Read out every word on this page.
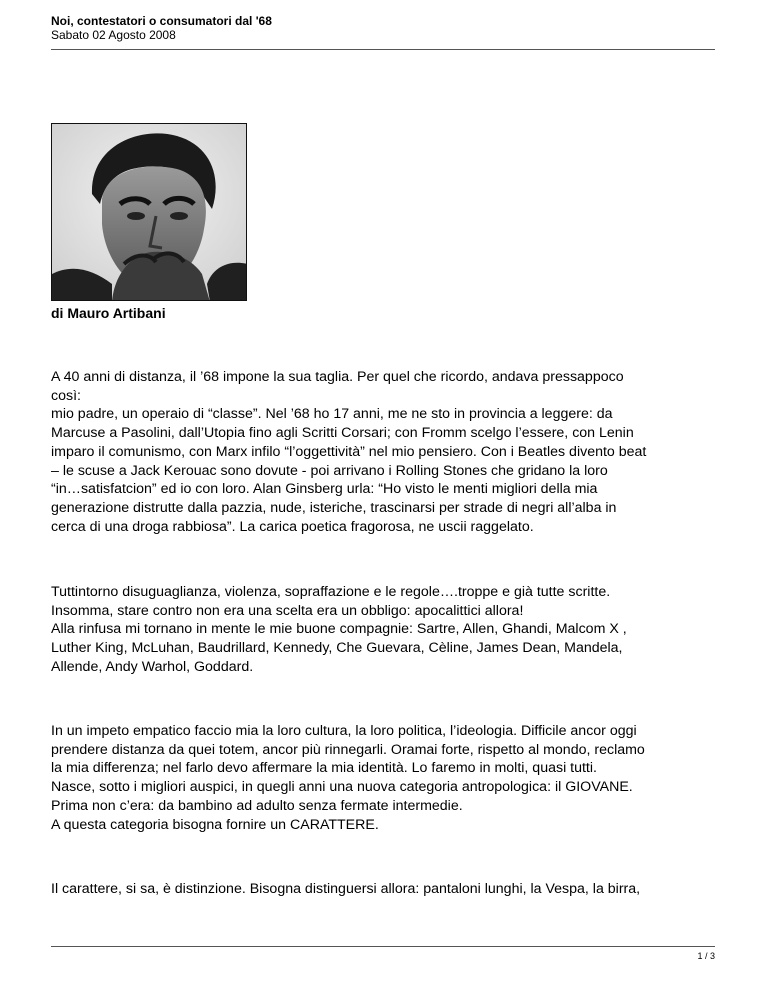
Noi, contestatori o consumatori dal '68
Sabato 02 Agosto 2008
di Mauro Artibani

A 40 anni di distanza, il ’68 impone la sua taglia. Per quel che ricordo, andava pressappoco
così:
mio padre, un operaio di “classe”. Nel ’68 ho 17 anni, me ne sto in provincia a leggere: da
Marcuse a Pasolini, dall’Utopia fino agli Scritti Corsari; con Fromm scelgo l’essere, con Lenin
imparo il comunismo, con Marx infilo “l’oggettività” nel mio pensiero. Con i Beatles divento beat
– le scuse a Jack Kerouac sono dovute - poi arrivano i Rolling Stones che gridano la loro
“in…satisfatcion” ed io con loro. Alan Ginsberg urla: “Ho visto le menti migliori della mia
generazione distrutte dalla pazzia, nude, isteriche, trascinarsi per strade di negri all’alba in
cerca di una droga rabbiosa”. La carica poetica fragorosa, ne uscii raggelato.

Tuttintorno disuguaglianza, violenza, sopraffazione e le regole….troppe e già tutte scritte.
Insomma, stare contro non era una scelta era un obbligo: apocalittici allora!
Alla rinfusa mi tornano in mente le mie buone compagnie: Sartre, Allen, Ghandi, Malcom X ,
Luther King, McLuhan, Baudrillard, Kennedy, Che Guevara, Cèline, James Dean, Mandela,
Allende, Andy Warhol, Goddard.

In un impeto empatico faccio mia la loro cultura, la loro politica, l’ideologia. Difficile ancor oggi
prendere distanza da quei totem, ancor più rinnegarli. Oramai forte, rispetto al mondo, reclamo
la mia differenza; nel farlo devo affermare la mia identità. Lo faremo in molti, quasi tutti.
Nasce, sotto i migliori auspici, in quegli anni una nuova categoria antropologica: il GIOVANE.
Prima non c’era: da bambino ad adulto senza fermate intermedie.
A questa categoria bisogna fornire un CARATTERE.

Il carattere, si sa, è distinzione. Bisogna distinguersi allora: pantaloni lunghi, la Vespa, la birra,

1 / 3
